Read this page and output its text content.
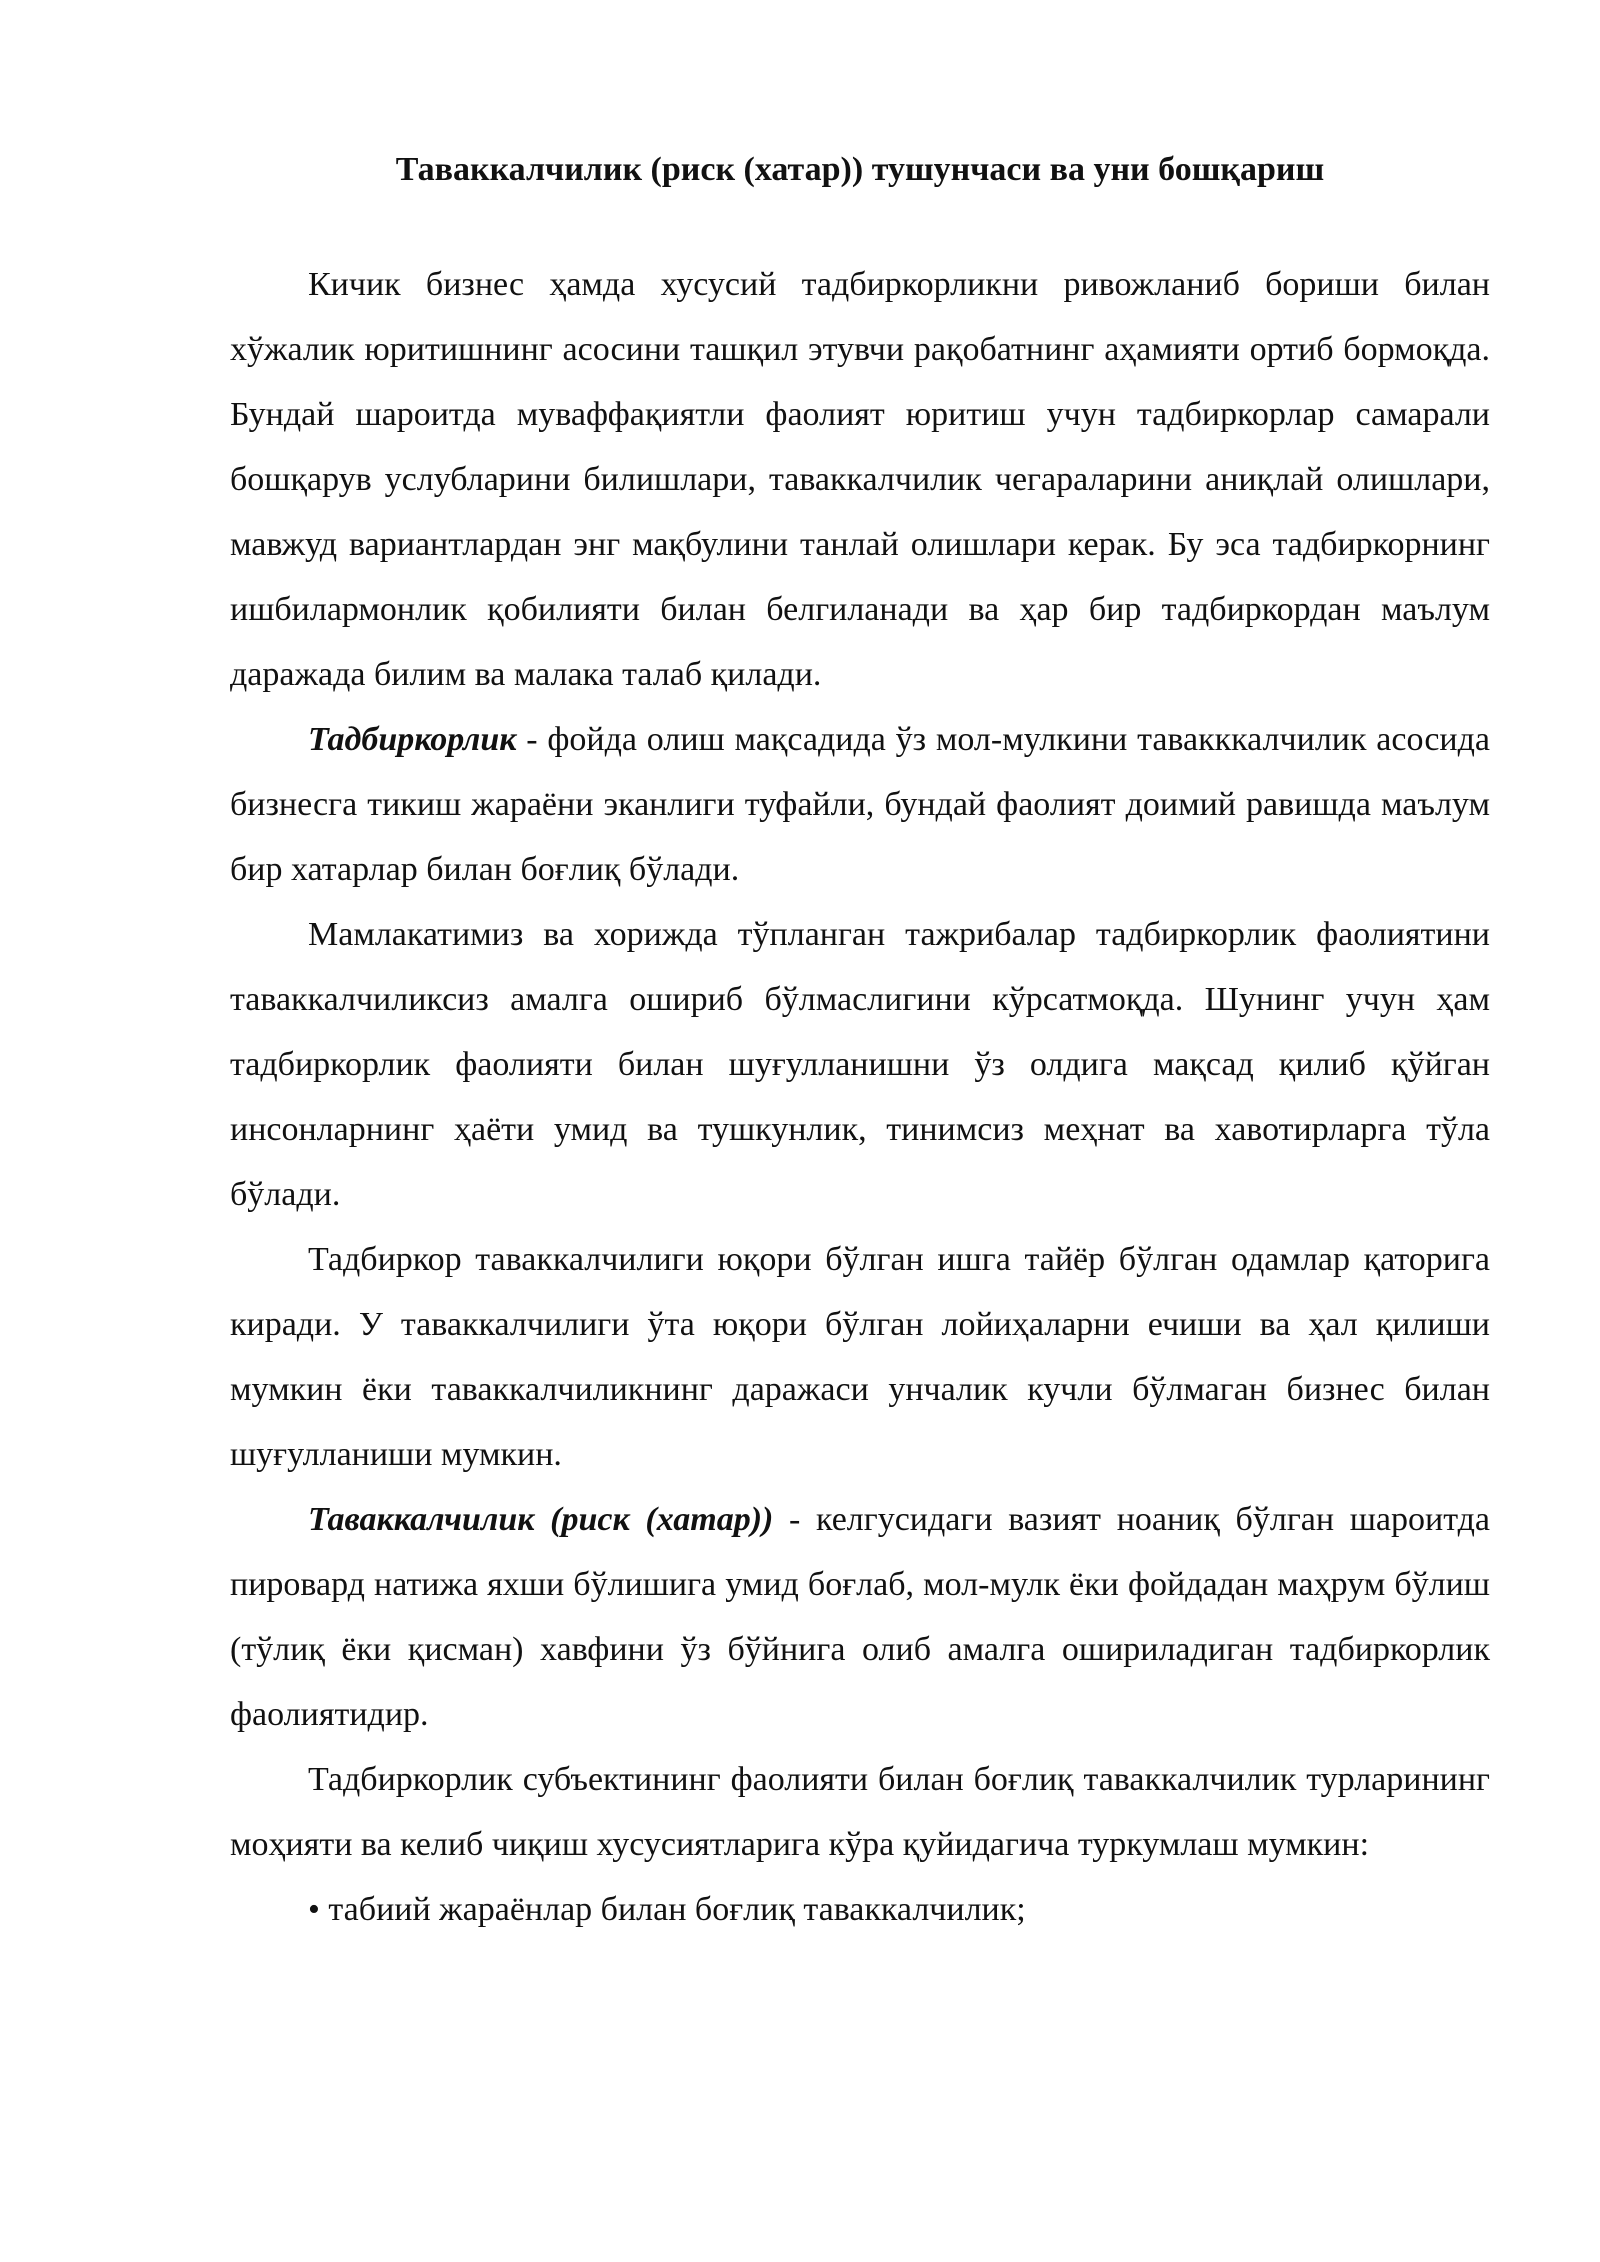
Таваккалчилик (риск (хатар)) тушунчаси ва уни бошқариш

Кичик бизнес ҳамда хусусий тадбиркорликни ривожланиб бориши билан хўжалик юритишнинг асосини ташқил этувчи рақобатнинг аҳамияти ортиб бормоқда. Бундай шароитда муваффақиятли фаолият юритиш учун тадбиркорлар самарали бошқарув услубларини билишлари, таваккалчилик чегараларини аниқлай олишлари, мавжуд вариантлардан энг мақбулини танлай олишлари керак. Бу эса тадбиркорнинг ишбилармонлик қобилияти билан белгиланади ва ҳар бир тадбиркордан маълум даражада билим ва малака талаб қилади.

Тадбиркорлик - фойда олиш мақсадида ўз мол-мулкини тавакккалчилик асосида бизнесга тикиш жараёни эканлиги туфайли, бундай фаолият доимий равишда маълум бир хатарлар билан боғлиқ бўлади.

Мамлакатимиз ва хорижда тўпланган тажрибалар тадбиркорлик фаолиятини таваккалчиликсиз амалга ошириб бўлмаслигини кўрсатмоқда. Шунинг учун ҳам тадбиркорлик фаолияти билан шуғулланишни ўз олдига мақсад қилиб қўйган инсонларнинг ҳаёти умид ва тушкунлик, тинимсиз меҳнат ва хавотирларга тўла бўлади.

Тадбиркор таваккалчилиги юқори бўлган ишга тайёр бўлган одамлар қаторига киради. У таваккалчилиги ўта юқори бўлган лойиҳаларни ечиши ва ҳал қилиши мумкин ёки таваккалчиликнинг даражаси унчалик кучли бўлмаган бизнес билан шуғулланиши мумкин.

Таваккалчилик (риск (хатар)) - келгусидаги вазият ноаниқ бўлган шароитда пировард натижа яхши бўлишига умид боғлаб, мол-мулк ёки фойдадан маҳрум бўлиш (тўлиқ ёки қисман) хавфини ўз бўйнига олиб амалга ошириладиган тадбиркорлик фаолиятидир.

Тадбиркорлик субъектининг фаолияти билан боғлиқ таваккалчилик турларининг моҳияти ва келиб чиқиш хусусиятларига кўра қуйидагича туркумлаш мумкин:

• табиий жараёнлар билан боғлиқ таваккалчилик;
